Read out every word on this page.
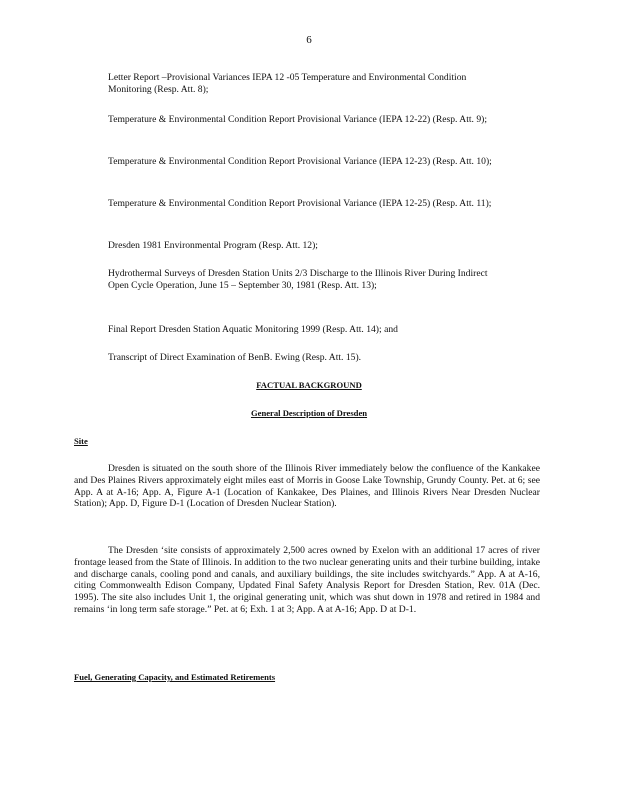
6

Letter Report –Provisional Variances IEPA 12 -05 Temperature and Environmental Condition Monitoring (Resp. Att. 8);

Temperature & Environmental Condition Report Provisional Variance (IEPA 12-22) (Resp. Att. 9);

Temperature & Environmental Condition Report Provisional Variance (IEPA 12-23) (Resp. Att. 10);

Temperature & Environmental Condition Report Provisional Variance (IEPA 12-25) (Resp. Att. 11);

Dresden 1981 Environmental Program (Resp. Att. 12);

Hydrothermal Surveys of Dresden Station Units 2/3 Discharge to the Illinois River During Indirect Open Cycle Operation, June 15 – September 30, 1981 (Resp. Att. 13);

Final Report Dresden Station Aquatic Monitoring 1999 (Resp. Att. 14); and

Transcript of Direct Examination of BenB. Ewing (Resp. Att. 15).

FACTUAL BACKGROUND
General Description of Dresden
Site

Dresden is situated on the south shore of the Illinois River immediately below the confluence of the Kankakee and Des Plaines Rivers approximately eight miles east of Morris in Goose Lake Township, Grundy County. Pet. at 6; see App. A at A-16; App. A, Figure A-1 (Location of Kankakee, Des Plaines, and Illinois Rivers Near Dresden Nuclear Station); App. D, Figure D-1 (Location of Dresden Nuclear Station).

The Dresden ‘site consists of approximately 2,500 acres owned by Exelon with an additional 17 acres of river frontage leased from the State of Illinois. In addition to the two nuclear generating units and their turbine building, intake and discharge canals, cooling pond and canals, and auxiliary buildings, the site includes switchyards.” App. A at A-16, citing Commonwealth Edison Company, Updated Final Safety Analysis Report for Dresden Station, Rev. 01A (Dec. 1995). The site also includes Unit 1, the original generating unit, which was shut down in 1978 and retired in 1984 and remains ‘in long term safe storage.” Pet. at 6; Exh. 1 at 3; App. A at A-16; App. D at D-1.

Fuel, Generating Capacity, and Estimated Retirements
